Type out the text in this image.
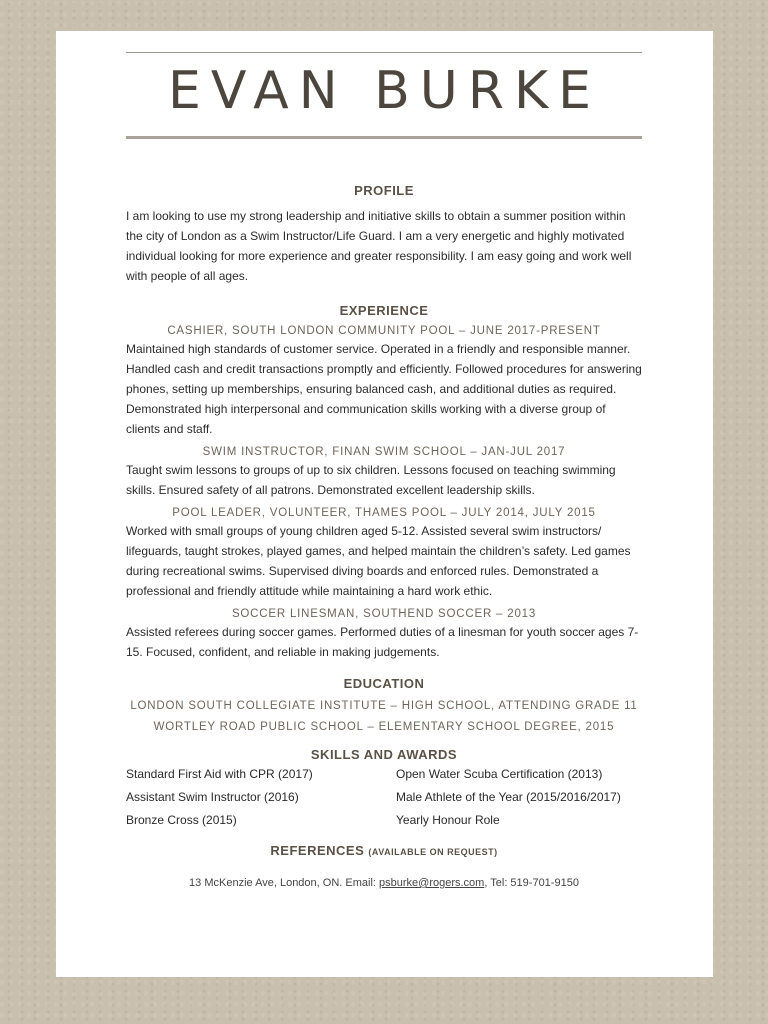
EVAN BURKE
PROFILE

I am looking to use my strong leadership and initiative skills to obtain a summer position within the city of London as a Swim Instructor/Life Guard. I am a very energetic and highly motivated individual looking for more experience and greater responsibility. I am easy going and work well with people of all ages.

EXPERIENCE
CASHIER, SOUTH LONDON COMMUNITY POOL – JUNE 2017-PRESENT

Maintained high standards of customer service. Operated in a friendly and responsible manner. Handled cash and credit transactions promptly and efficiently. Followed procedures for answering phones, setting up memberships, ensuring balanced cash, and additional duties as required. Demonstrated high interpersonal and communication skills working with a diverse group of clients and staff.

SWIM INSTRUCTOR, FINAN SWIM SCHOOL – JAN-JUL 2017

Taught swim lessons to groups of up to six children. Lessons focused on teaching swimming skills. Ensured safety of all patrons. Demonstrated excellent leadership skills.

POOL LEADER, VOLUNTEER, THAMES POOL – JULY 2014, JULY 2015

Worked with small groups of young children aged 5-12. Assisted several swim instructors/ lifeguards, taught strokes, played games, and helped maintain the children’s safety. Led games during recreational swims. Supervised diving boards and enforced rules. Demonstrated a professional and friendly attitude while maintaining a hard work ethic.

SOCCER LINESMAN, SOUTHEND SOCCER – 2013

Assisted referees during soccer games. Performed duties of a linesman for youth soccer ages 7-15. Focused, confident, and reliable in making judgements.

EDUCATION
LONDON SOUTH COLLEGIATE INSTITUTE – HIGH SCHOOL, ATTENDING GRADE 11
WORTLEY ROAD PUBLIC SCHOOL – ELEMENTARY SCHOOL DEGREE, 2015
SKILLS AND AWARDS
Standard First Aid with CPR (2017)	Open Water Scuba Certification (2013)
Assistant Swim Instructor (2016)	Male Athlete of the Year (2015/2016/2017)
Bronze Cross (2015)	Yearly Honour Role
REFERENCES (AVAILABLE ON REQUEST)
13 McKenzie Ave, London, ON. Email: psburke@rogers.com, Tel: 519-701-9150
